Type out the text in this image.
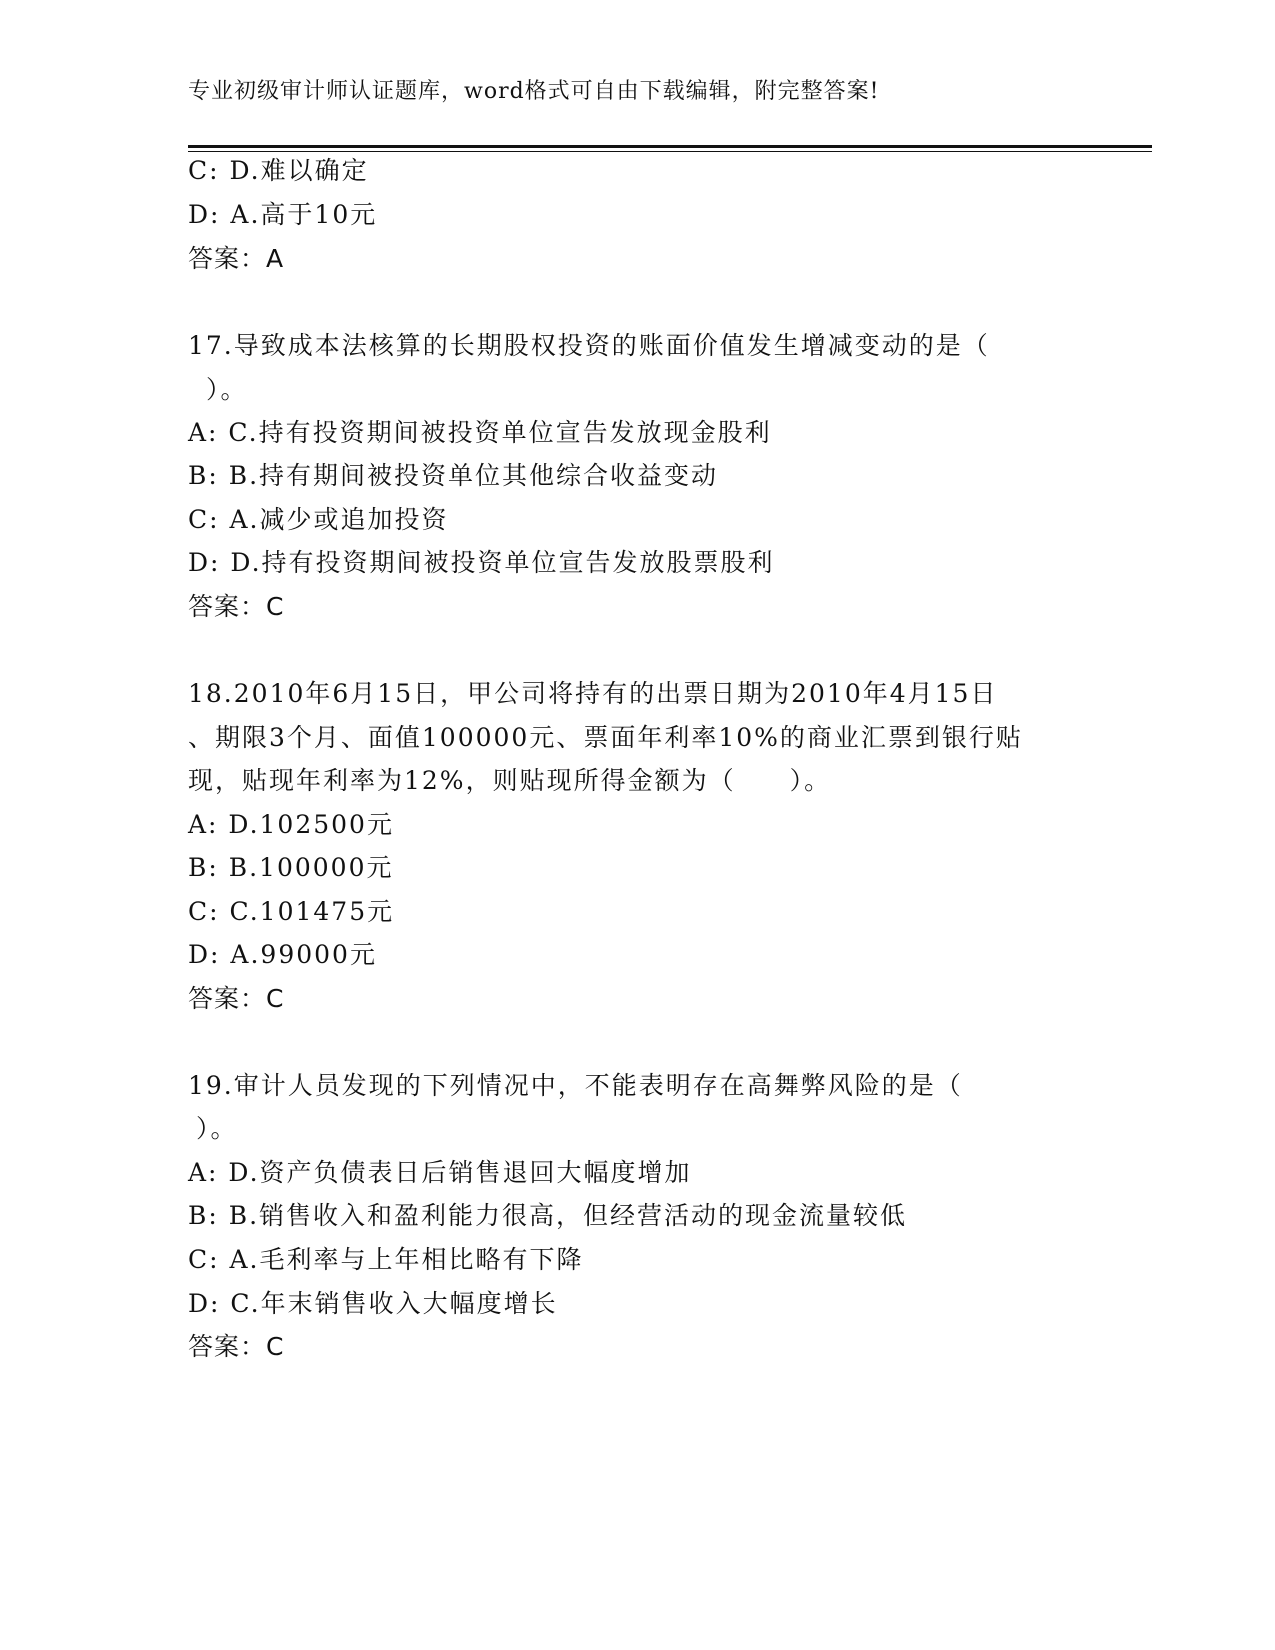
专业初级审计师认证题库，word格式可自由下载编辑，附完整答案!
C: D.难以确定
D: A.高于10元
答案：A
17.导致成本法核算的长期股权投资的账面价值发生增减变动的是（
）。
A: C.持有投资期间被投资单位宣告发放现金股利
B: B.持有期间被投资单位其他综合收益变动
C: A.减少或追加投资
D: D.持有投资期间被投资单位宣告发放股票股利
答案：C
18.2010年6月15日，甲公司将持有的出票日期为2010年4月15日
、期限3个月、面值100000元、票面年利率10%的商业汇票到银行贴
现，贴现年利率为12%，则贴现所得金额为（　　）。
A: D.102500元
B: B.100000元
C: C.101475元
D: A.99000元
答案：C
19.审计人员发现的下列情况中，不能表明存在高舞弊风险的是（
）。
A: D.资产负债表日后销售退回大幅度增加
B: B.销售收入和盈利能力很高，但经营活动的现金流量较低
C: A.毛利率与上年相比略有下降
D: C.年末销售收入大幅度增长
答案：C
